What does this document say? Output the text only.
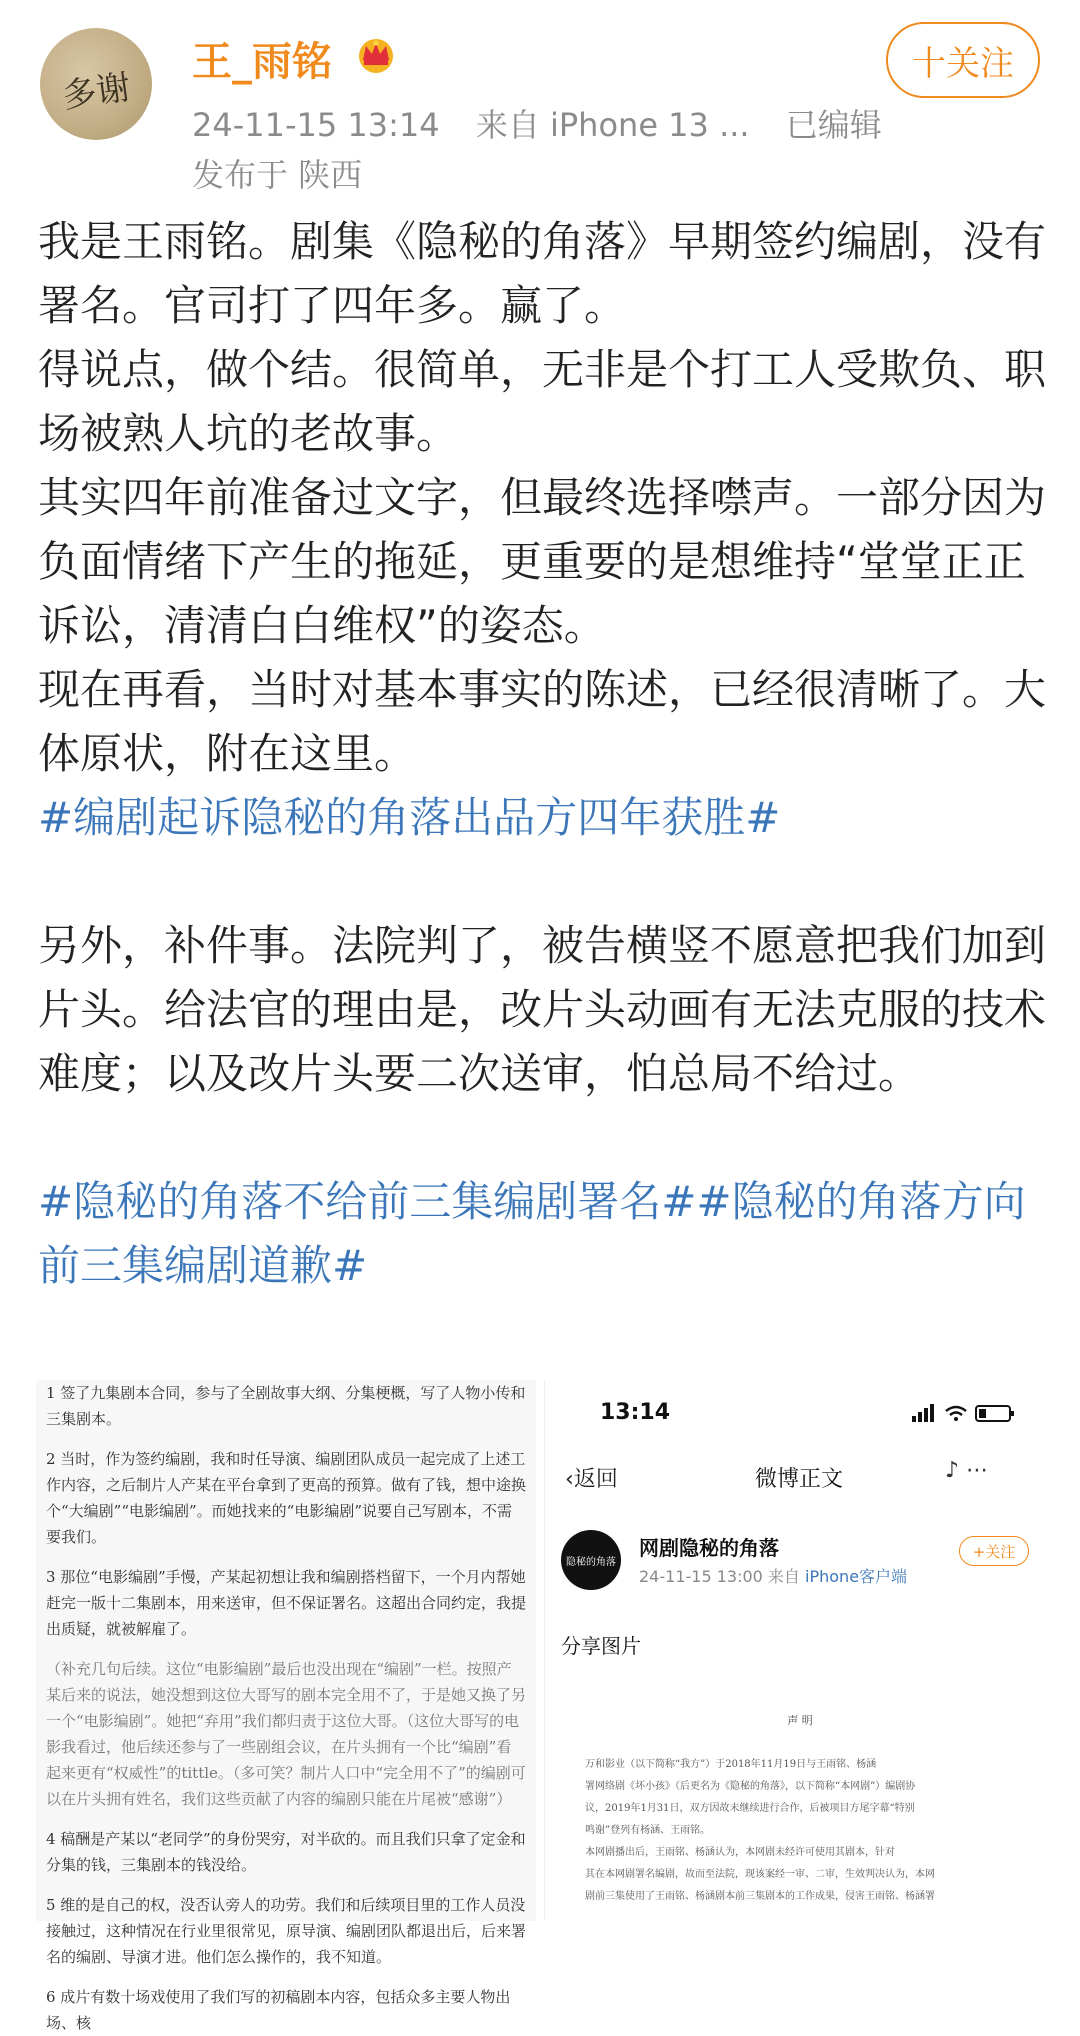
多谢
王_雨铭	十关注
24-11-15 13:14 来自 iPhone 13 ... 已编辑
发布于 陕西

我是王雨铭。剧集《隐秘的角落》早期签约编剧，没有署名。官司打了四年多。赢了。

得说点，做个结。很简单，无非是个打工人受欺负、职场被熟人坑的老故事。

其实四年前准备过文字，但最终选择噤声。一部分因为负面情绪下产生的拖延，更重要的是想维持“堂堂正正诉讼，清清白白维权”的姿态。

现在再看，当时对基本事实的陈述，已经很清晰了。大体原状，附在这里。

#编剧起诉隐秘的角落出品方四年获胜#

另外，补件事。法院判了，被告横竖不愿意把我们加到片头。给法官的理由是，改片头动画有无法克服的技术难度；以及改片头要二次送审，怕总局不给过。

#隐秘的角落不给前三集编剧署名##隐秘的角落方向前三集编剧道歉#

1 签了九集剧本合同，参与了全剧故事大纲、分集梗概，写了人物小传和三集剧本。

2 当时，作为签约编剧，我和时任导演、编剧团队成员一起完成了上述工作内容，之后制片人产某在平台拿到了更高的预算。做有了钱，想中途换个“大编剧”“电影编剧”。而她找来的“电影编剧”说要自己写剧本，不需要我们。

3 那位“电影编剧”手慢，产某起初想让我和编剧搭档留下，一个月内帮她赶完一版十二集剧本，用来送审，但不保证署名。这超出合同约定，我提出质疑，就被解雇了。

（补充几句后续。这位“电影编剧”最后也没出现在“编剧”一栏。按照产某后来的说法，她没想到这位大哥写的剧本完全用不了，于是她又换了另一个“电影编剧”。她把“弃用”我们都归责于这位大哥。（这位大哥写的电影我看过，他后续还参与了一些剧组会议，在片头拥有一个比“编剧”看起来更有“权威性”的tittle。（多可笑？制片人口中“完全用不了”的编剧可以在片头拥有姓名，我们这些贡献了内容的编剧只能在片尾被“感谢”）

4 稿酬是产某以“老同学”的身份哭穷，对半砍的。而且我们只拿了定金和分集的钱，三集剧本的钱没给。

5 维的是自己的权，没否认旁人的功劳。我们和后续项目里的工作人员没接触过，这种情况在行业里很常见，原导演、编剧团队都退出后，后来署名的编剧、导演才进。他们怎么操作的，我不知道。

6 成片有数十场戏使用了我们写的初稿剧本内容，包括众多主要人物出场、核

13:14
‹返回	微博正文	♪ ⋯
隐秘的角落
网剧隐秘的角落
24-11-15 13:00 来自 iPhone客户端
+关注
分享图片
声 明

万和影业（以下简称“我方”）于2018年11月19日与王雨铭、杨涵

署网络剧《坏小孩》（后更名为《隐秘的角落》，以下简称“本网剧”）编剧协

议，2019年1月31日，双方因故未继续进行合作，后被项目方尾字幕“特别

鸣谢”登列有杨涵、王雨铭。

本网剧播出后，王雨铭、杨涵认为，本网剧未经许可使用其剧本，针对

其在本网剧署名编剧，故而至法院，现该案经一审、二审，生效判决认为，本网

剧前三集使用了王雨铭、杨涵剧本前三集剧本的工作成果，侵害王雨铭、杨涵署
